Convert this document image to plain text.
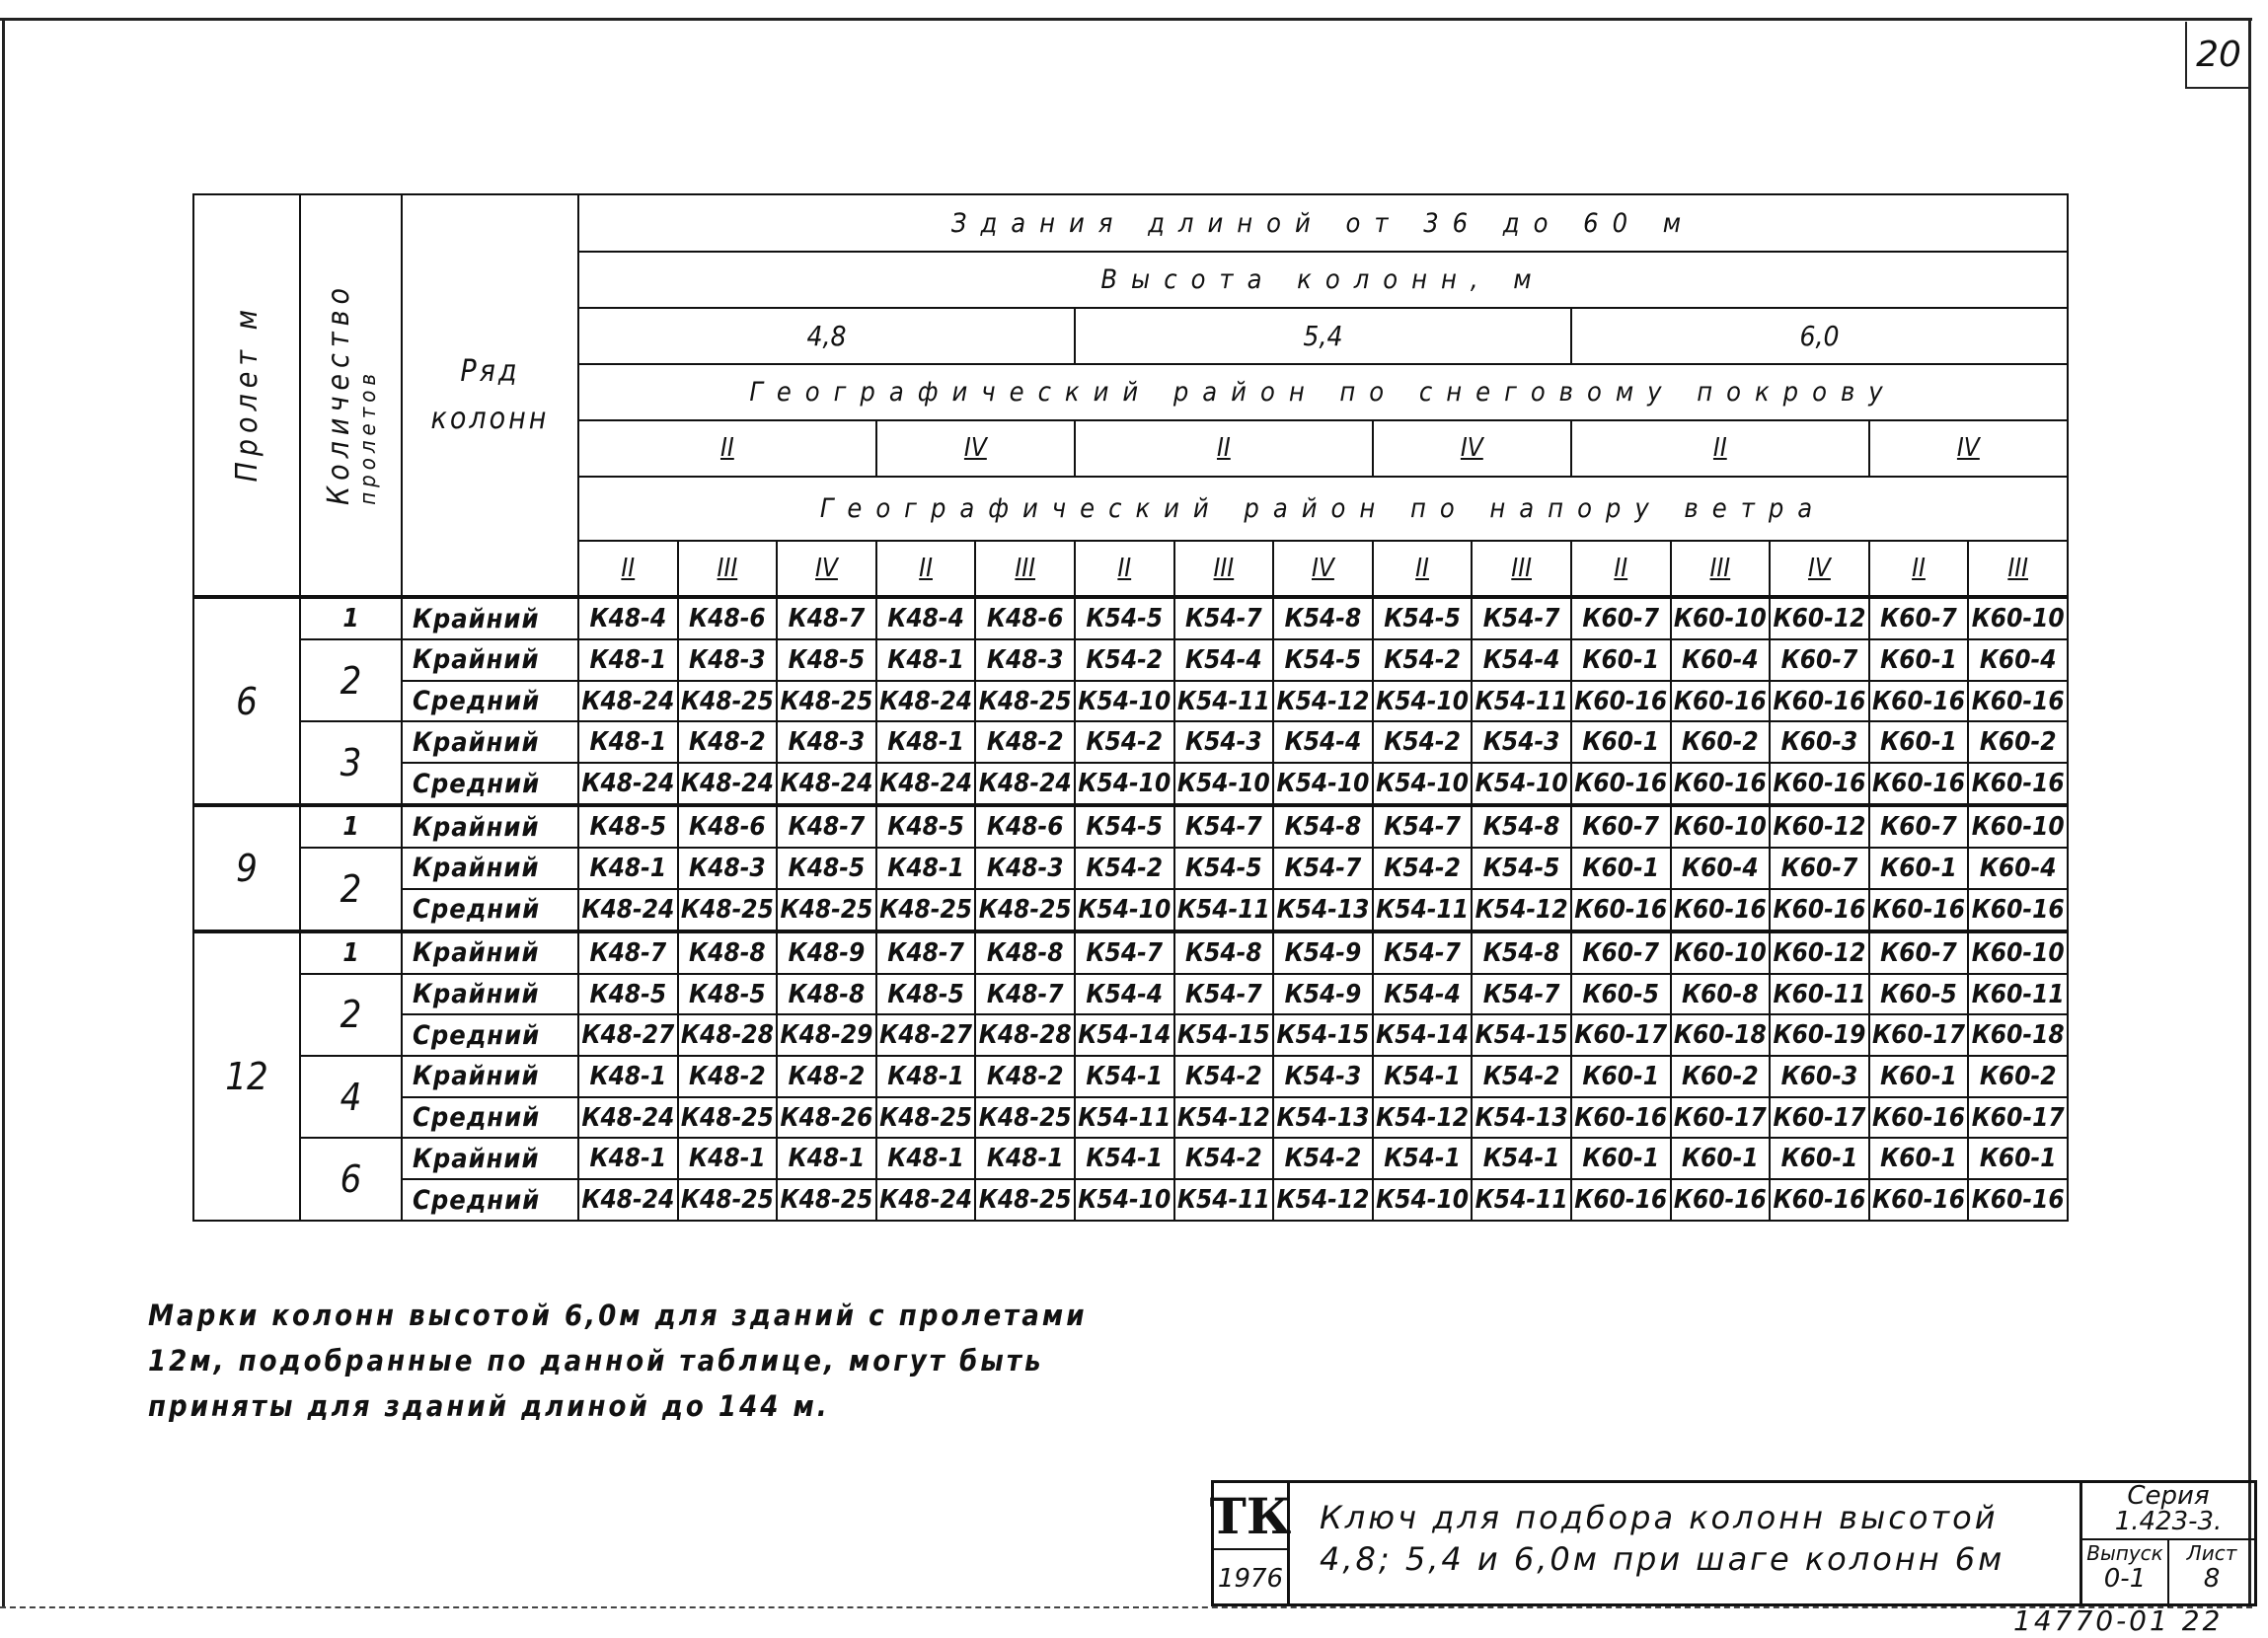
20
Пролет м	Количествопролетов	Ряд
колонн	Здания длиной от 36 до 60 м														
			Высота колонн, м														
			4,8					5,4					6,0				
			Географический район по снеговому покрову														
			II			IV		II			IV		II			IV	
			Географический район по напору ветра														
			II	III	IV	II	III	II	III	IV	II	III	II	III	IV	II	III
6	1	Крайний	К48-4	К48-6	К48-7	К48-4	К48-6	К54-5	К54-7	К54-8	К54-5	К54-7	К60-7	К60-10	К60-12	К60-7	К60-10
	2	Крайний	К48-1	К48-3	К48-5	К48-1	К48-3	К54-2	К54-4	К54-5	К54-2	К54-4	К60-1	К60-4	К60-7	К60-1	К60-4
		Средний	К48-24	К48-25	К48-25	К48-24	К48-25	К54-10	К54-11	К54-12	К54-10	К54-11	К60-16	К60-16	К60-16	К60-16	К60-16
	3	Крайний	К48-1	К48-2	К48-3	К48-1	К48-2	К54-2	К54-3	К54-4	К54-2	К54-3	К60-1	К60-2	К60-3	К60-1	К60-2
		Средний	К48-24	К48-24	К48-24	К48-24	К48-24	К54-10	К54-10	К54-10	К54-10	К54-10	К60-16	К60-16	К60-16	К60-16	К60-16
9	1	Крайний	К48-5	К48-6	К48-7	К48-5	К48-6	К54-5	К54-7	К54-8	К54-7	К54-8	К60-7	К60-10	К60-12	К60-7	К60-10
	2	Крайний	К48-1	К48-3	К48-5	К48-1	К48-3	К54-2	К54-5	К54-7	К54-2	К54-5	К60-1	К60-4	К60-7	К60-1	К60-4
		Средний	К48-24	К48-25	К48-25	К48-25	К48-25	К54-10	К54-11	К54-13	К54-11	К54-12	К60-16	К60-16	К60-16	К60-16	К60-16
12	1	Крайний	К48-7	К48-8	К48-9	К48-7	К48-8	К54-7	К54-8	К54-9	К54-7	К54-8	К60-7	К60-10	К60-12	К60-7	К60-10
	2	Крайний	К48-5	К48-5	К48-8	К48-5	К48-7	К54-4	К54-7	К54-9	К54-4	К54-7	К60-5	К60-8	К60-11	К60-5	К60-11
		Средний	К48-27	К48-28	К48-29	К48-27	К48-28	К54-14	К54-15	К54-15	К54-14	К54-15	К60-17	К60-18	К60-19	К60-17	К60-18
	4	Крайний	К48-1	К48-2	К48-2	К48-1	К48-2	К54-1	К54-2	К54-3	К54-1	К54-2	К60-1	К60-2	К60-3	К60-1	К60-2
		Средний	К48-24	К48-25	К48-26	К48-25	К48-25	К54-11	К54-12	К54-13	К54-12	К54-13	К60-16	К60-17	К60-17	К60-16	К60-17
	6	Крайний	К48-1	К48-1	К48-1	К48-1	К48-1	К54-1	К54-2	К54-2	К54-1	К54-1	К60-1	К60-1	К60-1	К60-1	К60-1
		Средний	К48-24	К48-25	К48-25	К48-24	К48-25	К54-10	К54-11	К54-12	К54-10	К54-11	К60-16	К60-16	К60-16	К60-16	К60-16
Марки колонн высотой 6,0м для зданий с пролетами
12м, подобранные по данной таблице, могут быть
приняты для зданий длиной до 144 м.
ТК
1976
Ключ для подбора колонн высотой
4,8; 5,4 и 6,0м при шаге колонн 6м
Серия
1.423-3.
Выпуск
0-1
Лист
8
14770-01 22
